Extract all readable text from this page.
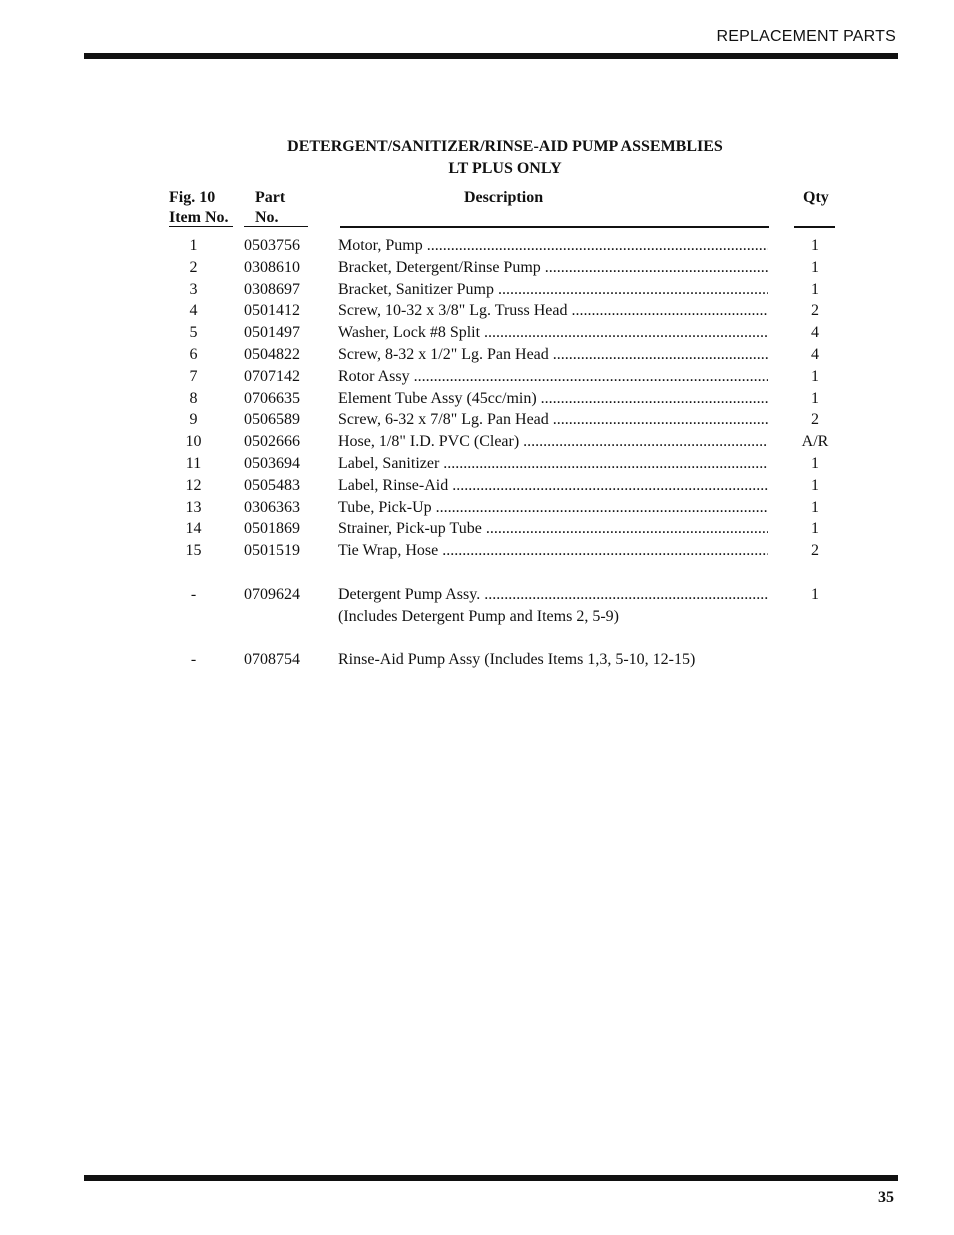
REPLACEMENT PARTS
DETERGENT/SANITIZER/RINSE-AID PUMP ASSEMBLIES
LT PLUS ONLY
Fig. 10
Item No.
Part
No.
Description	Qty
1	0503756 Motor, Pump .....	1
2	0308610 Bracket, Detergent/Rinse Pump .....	1
3	0308697 Bracket, Sanitizer Pump .....	1
4	0501412 Screw, 10-32 x 3/8" Lg. Truss Head .....	2
5	0501497 Washer, Lock #8 Split .....	4
6	0504822 Screw, 8-32 x 1/2" Lg. Pan Head .....	4
7	0707142 Rotor Assy .....	1
8	0706635 Element Tube Assy (45cc/min) .....	1
9	0506589 Screw, 6-32 x 7/8" Lg. Pan Head .....	2
10	0502666 Hose, 1/8" I.D. PVC (Clear) .....	A/R
11	0503694 Label, Sanitizer .....	1
12	0505483 Label, Rinse-Aid .....	1
13	0306363 Tube, Pick-Up .....	1
14	0501869 Strainer, Pick-up Tube .....	1
15	0501519 Tie Wrap, Hose .....	2
-	0709624 Detergent Pump Assy. .....	1
(Includes Detergent Pump and Items 2, 5-9)
-	0708754 Rinse-Aid Pump Assy (Includes Items 1,3, 5-10, 12-15)
35
